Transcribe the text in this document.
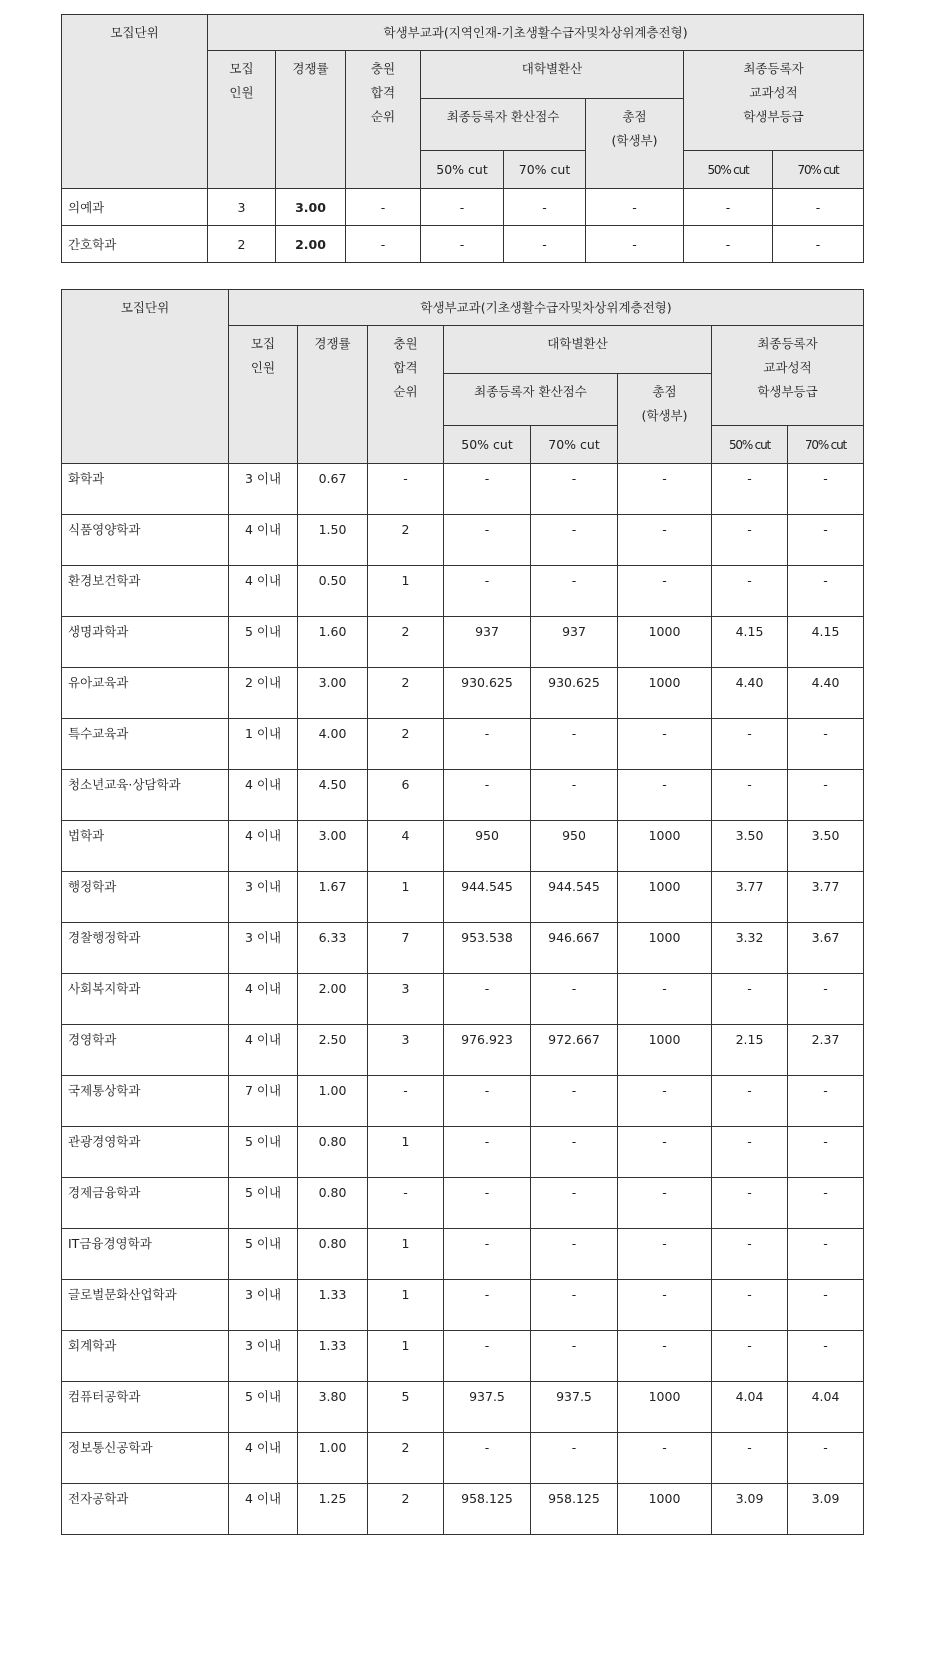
모집단위	학생부교과(지역인재-기초생활수급자및차상위계층전형)							
	모집
인원	경쟁률	충원
합격
순위	대학별환산			최종등록자
교과성적
학생부등급	
				최종등록자 환산점수		총점
(학생부)		
				50% cut	70% cut		50% cut	70% cut
의예과	3	3.00	-	-	-	-	-	-
간호학과	2	2.00	-	-	-	-	-	-
모집단위	학생부교과(기초생활수급자및차상위계층전형)							
	모집
인원	경쟁률	충원
합격
순위	대학별환산			최종등록자
교과성적
학생부등급	
				최종등록자 환산점수		총점
(학생부)		
				50% cut	70% cut		50% cut	70% cut
화학과	3 이내	0.67	-	-	-	-	-	-
식품영양학과	4 이내	1.50	2	-	-	-	-	-
환경보건학과	4 이내	0.50	1	-	-	-	-	-
생명과학과	5 이내	1.60	2	937	937	1000	4.15	4.15
유아교육과	2 이내	3.00	2	930.625	930.625	1000	4.40	4.40
특수교육과	1 이내	4.00	2	-	-	-	-	-
청소년교육·상담학과	4 이내	4.50	6	-	-	-	-	-
법학과	4 이내	3.00	4	950	950	1000	3.50	3.50
행정학과	3 이내	1.67	1	944.545	944.545	1000	3.77	3.77
경찰행정학과	3 이내	6.33	7	953.538	946.667	1000	3.32	3.67
사회복지학과	4 이내	2.00	3	-	-	-	-	-
경영학과	4 이내	2.50	3	976.923	972.667	1000	2.15	2.37
국제통상학과	7 이내	1.00	-	-	-	-	-	-
관광경영학과	5 이내	0.80	1	-	-	-	-	-
경제금융학과	5 이내	0.80	-	-	-	-	-	-
IT금융경영학과	5 이내	0.80	1	-	-	-	-	-
글로벌문화산업학과	3 이내	1.33	1	-	-	-	-	-
회계학과	3 이내	1.33	1	-	-	-	-	-
컴퓨터공학과	5 이내	3.80	5	937.5	937.5	1000	4.04	4.04
정보통신공학과	4 이내	1.00	2	-	-	-	-	-
전자공학과	4 이내	1.25	2	958.125	958.125	1000	3.09	3.09
